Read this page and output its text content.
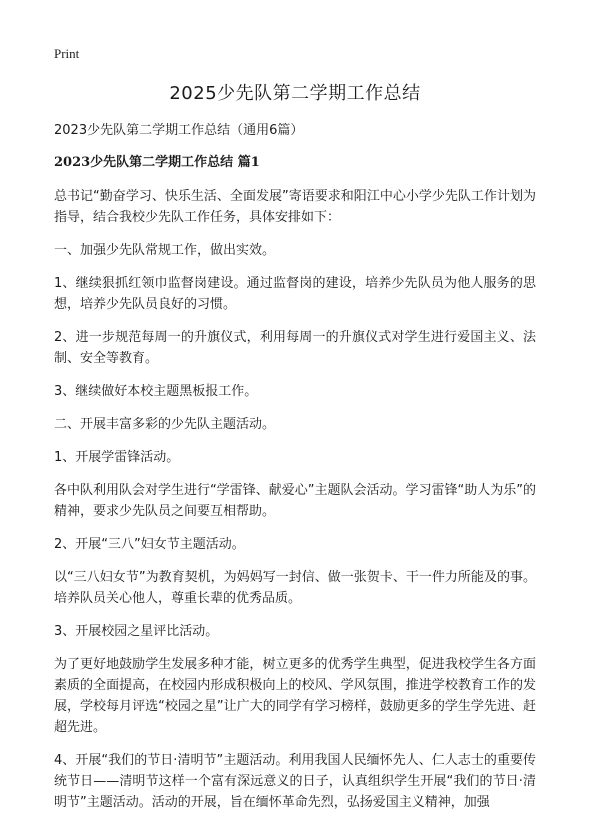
Print
2025少先队第二学期工作总结

2023少先队第二学期工作总结（通用6篇）

2023少先队第二学期工作总结 篇1

总书记“勤奋学习、快乐生活、全面发展”寄语要求和阳江中心小学少先队工作计划为指导，结合我校少先队工作任务，具体安排如下：

一、加强少先队常规工作，做出实效。

1、继续狠抓红领巾监督岗建设。通过监督岗的建设，培养少先队员为他人服务的思想，培养少先队员良好的习惯。

2、进一步规范每周一的升旗仪式，利用每周一的升旗仪式对学生进行爱国主义、法制、安全等教育。

3、继续做好本校主题黑板报工作。

二、开展丰富多彩的少先队主题活动。

1、开展学雷锋活动。

各中队利用队会对学生进行“学雷锋、献爱心”主题队会活动。学习雷锋“助人为乐”的精神，要求少先队员之间要互相帮助。

2、开展“三八”妇女节主题活动。

以“三八妇女节”为教育契机，为妈妈写一封信、做一张贺卡、干一件力所能及的事。培养队员关心他人，尊重长辈的优秀品质。

3、开展校园之星评比活动。

为了更好地鼓励学生发展多种才能，树立更多的优秀学生典型，促进我校学生各方面素质的全面提高，在校园内形成积极向上的校风、学风氛围，推进学校教育工作的发展，学校每月评选“校园之星”让广大的同学有学习榜样，鼓励更多的学生学先进、赶超先进。

4、开展“我们的节日·清明节”主题活动。利用我国人民缅怀先人、仁人志士的重要传统节日——清明节这样一个富有深远意义的日子，认真组织学生开展“我们的节日·清明节”主题活动。活动的开展，旨在缅怀革命先烈，弘扬爱国主义精神，加强
